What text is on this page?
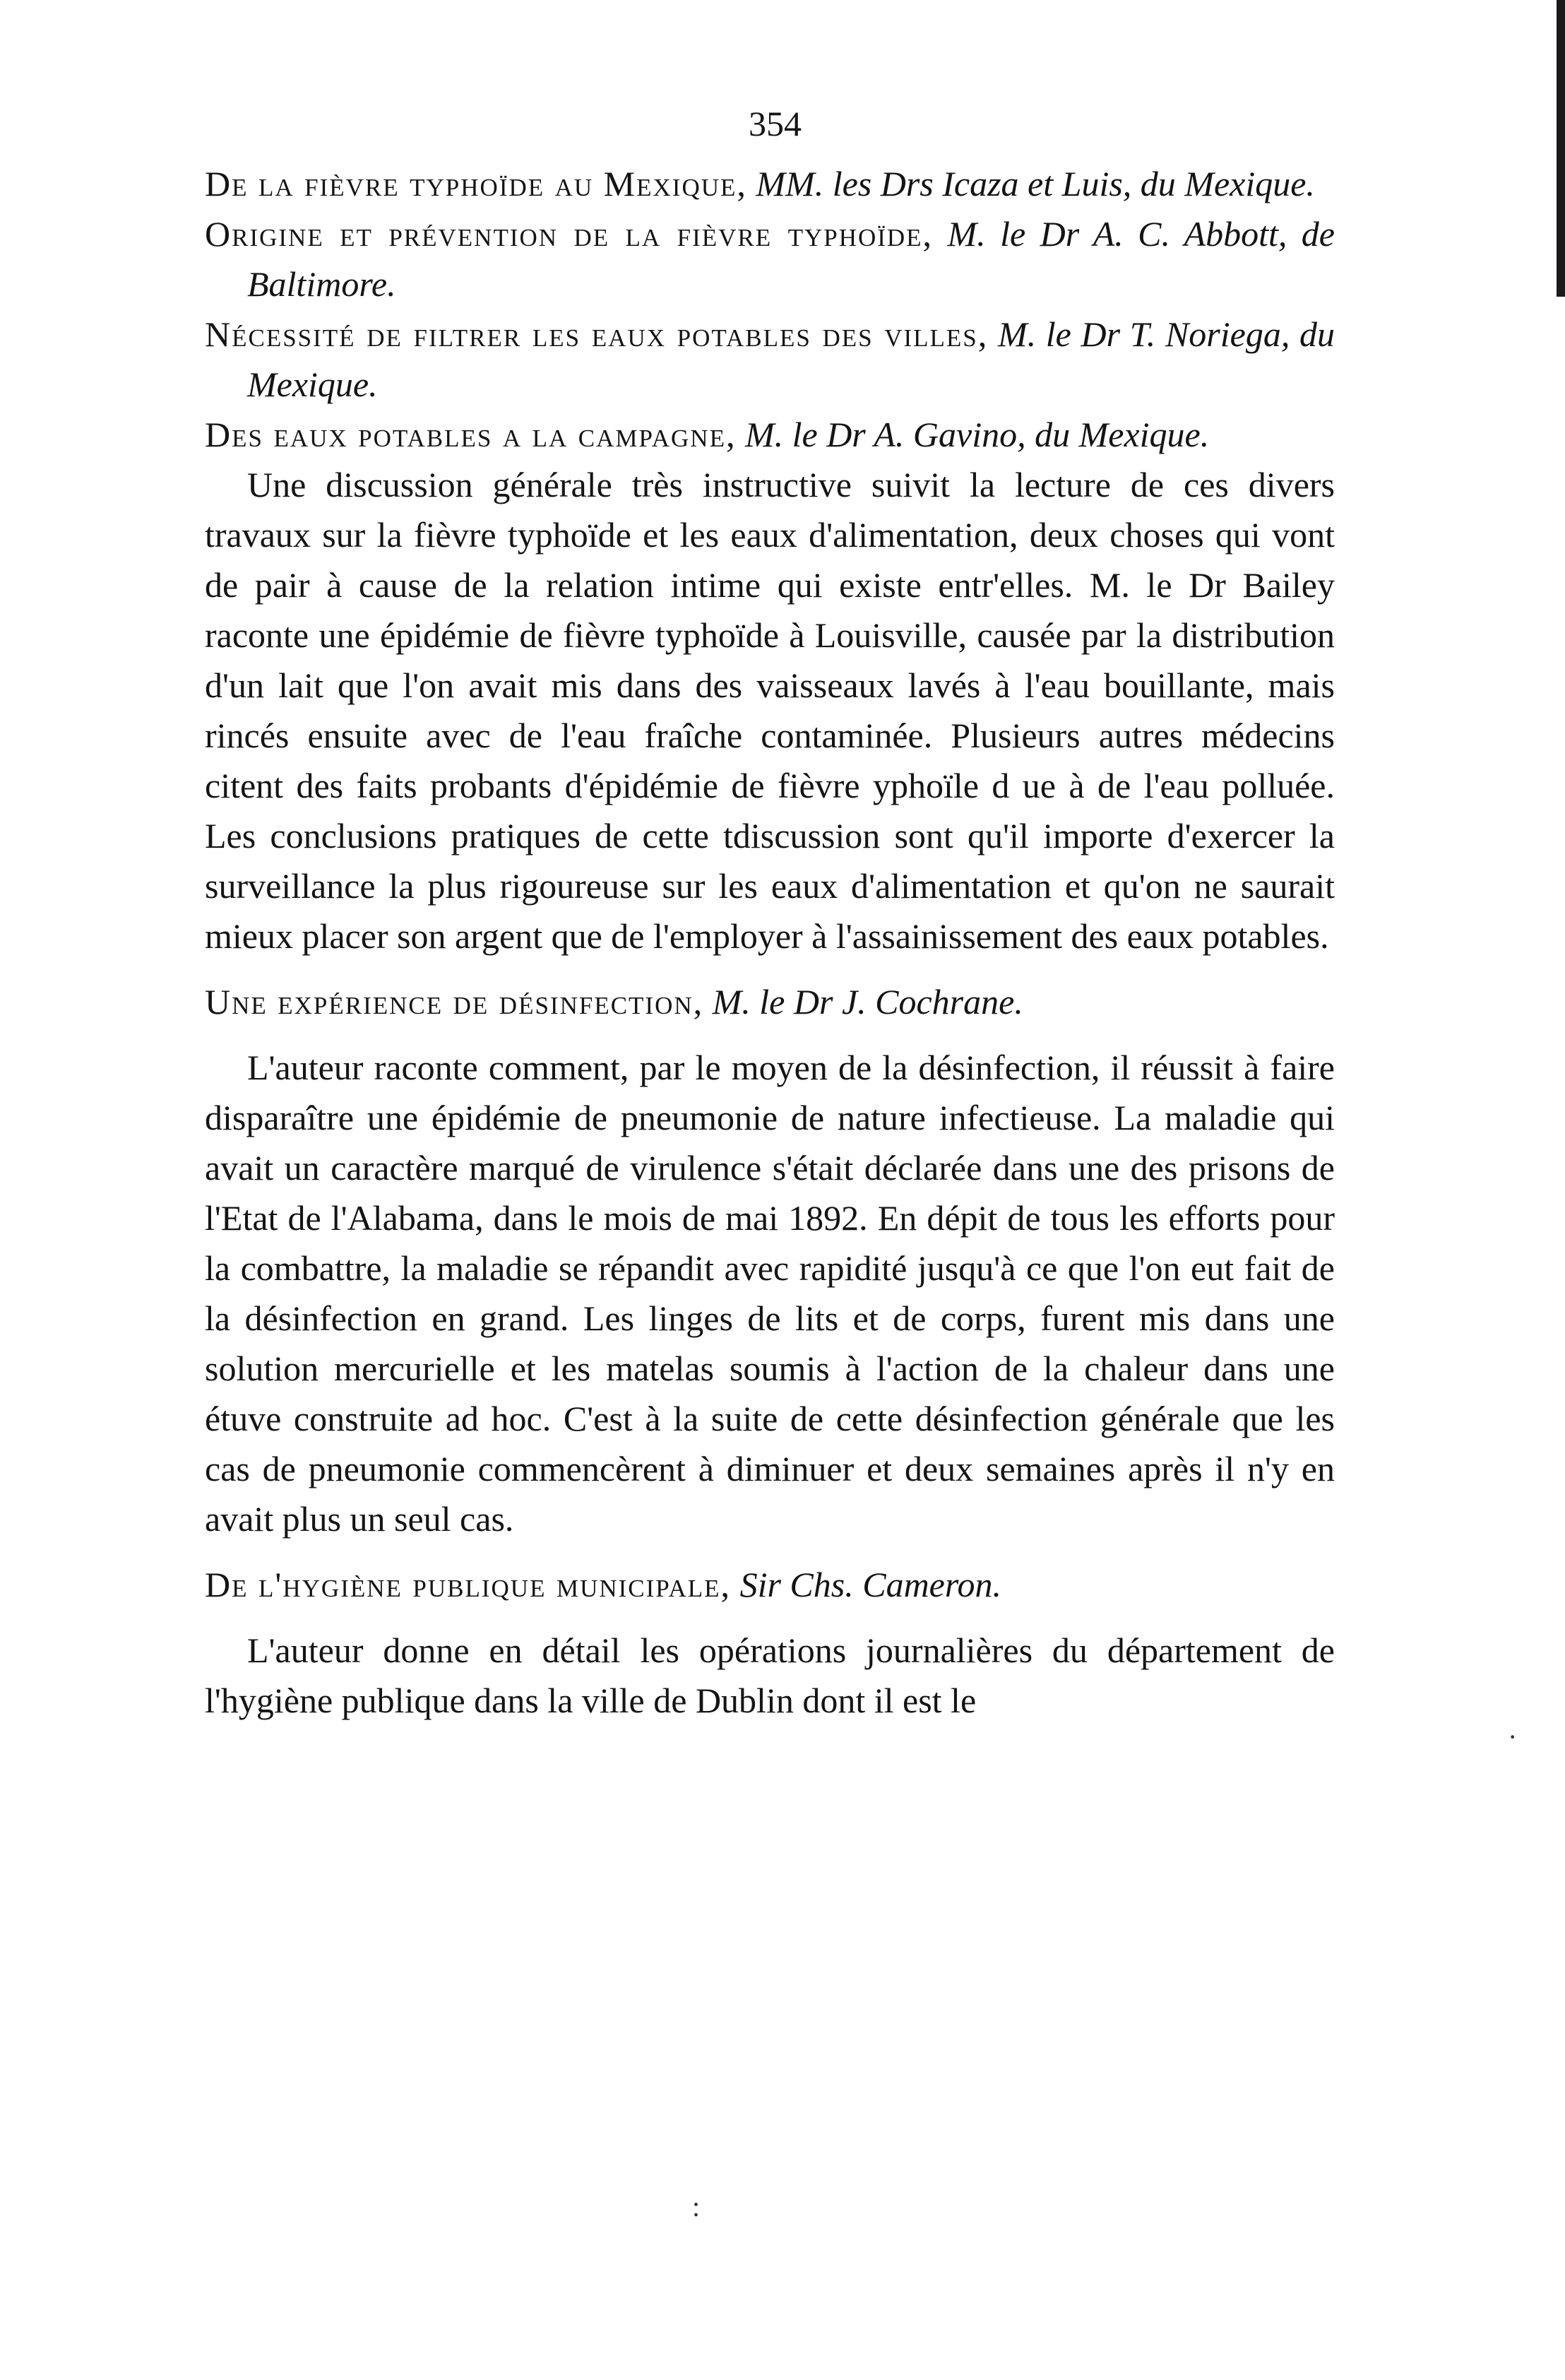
354

De la fièvre typhoïde au Mexique, MM. les Drs Icaza et Luis, du Mexique.

Origine et prévention de la fièvre typhoïde, M. le Dr A. C. Abbott, de Baltimore.

Nécessité de filtrer les eaux potables des villes, M. le Dr T. Noriega, du Mexique.

Des eaux potables a la campagne, M. le Dr A. Gavino, du Mexique.

Une discussion générale très instructive suivit la lecture de ces divers travaux sur la fièvre typhoïde et les eaux d'alimentation, deux choses qui vont de pair à cause de la relation intime qui existe entr'elles. M. le Dr Bailey raconte une épidémie de fièvre typhoïde à Louisville, causée par la distribution d'un lait que l'on avait mis dans des vaisseaux lavés à l'eau bouillante, mais rincés ensuite avec de l'eau fraîche contaminée. Plusieurs autres médecins citent des faits probants d'épidémie de fièvre yphoïle d ue à de l'eau polluée. Les conclusions pratiques de cette tdiscussion sont qu'il importe d'exercer la surveillance la plus rigoureuse sur les eaux d'alimentation et qu'on ne saurait mieux placer son argent que de l'employer à l'assainissement des eaux potables.

Une expérience de désinfection, M. le Dr J. Cochrane.

L'auteur raconte comment, par le moyen de la désinfection, il réussit à faire disparaître une épidémie de pneumonie de nature infectieuse. La maladie qui avait un caractère marqué de virulence s'était déclarée dans une des prisons de l'Etat de l'Alabama, dans le mois de mai 1892. En dépit de tous les efforts pour la combattre, la maladie se répandit avec rapidité jusqu'à ce que l'on eut fait de la désinfection en grand. Les linges de lits et de corps, furent mis dans une solution mercurielle et les matelas soumis à l'action de la chaleur dans une étuve construite ad hoc. C'est à la suite de cette désinfection générale que les cas de pneumonie commencèrent à diminuer et deux semaines après il n'y en avait plus un seul cas.

De l'hygiène publique municipale, Sir Chs. Cameron.

L'auteur donne en détail les opérations journalières du département de l'hygiène publique dans la ville de Dublin dont il est le

·
:
